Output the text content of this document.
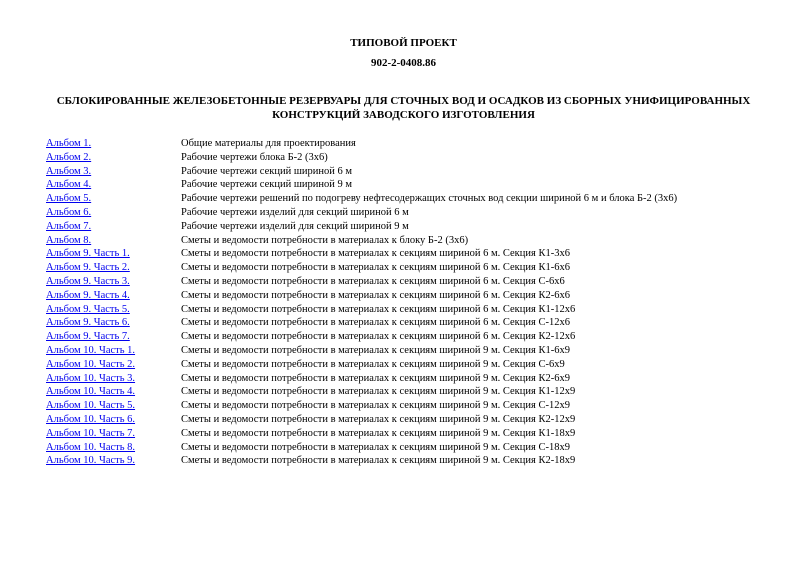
ТИПОВОЙ ПРОЕКТ
902-2-0408.86
СБЛОКИРОВАННЫЕ ЖЕЛЕЗОБЕТОННЫЕ РЕЗЕРВУАРЫ ДЛЯ СТОЧНЫХ ВОД И ОСАДКОВ ИЗ СБОРНЫХ УНИФИЦИРОВАННЫХ
КОНСТРУКЦИЙ ЗАВОДСКОГО ИЗГОТОВЛЕНИЯ
Альбом 1.	Общие материалы для проектирования
Альбом 2.	Рабочие чертежи блока Б-2 (3х6)
Альбом 3.	Рабочие чертежи секций шириной 6 м
Альбом 4.	Рабочие чертежи секций шириной 9 м
Альбом 5.	Рабочие чертежи решений по подогреву нефтесодержащих сточных вод секции шириной 6 м и блока Б-2 (3х6)
Альбом 6.	Рабочие чертежи изделий для секций шириной 6 м
Альбом 7.	Рабочие чертежи изделий для секций шириной 9 м
Альбом 8.	Сметы и ведомости потребности в материалах к блоку Б-2 (3х6)
Альбом 9. Часть 1.	Сметы и ведомости потребности в материалах к секциям шириной 6 м. Секция К1-3х6
Альбом 9. Часть 2.	Сметы и ведомости потребности в материалах к секциям шириной 6 м. Секция К1-6х6
Альбом 9. Часть 3.	Сметы и ведомости потребности в материалах к секциям шириной 6 м. Секция С-6х6
Альбом 9. Часть 4.	Сметы и ведомости потребности в материалах к секциям шириной 6 м. Секция К2-6х6
Альбом 9. Часть 5.	Сметы и ведомости потребности в материалах к секциям шириной 6 м. Секция К1-12х6
Альбом 9. Часть 6.	Сметы и ведомости потребности в материалах к секциям шириной 6 м. Секция С-12х6
Альбом 9. Часть 7.	Сметы и ведомости потребности в материалах к секциям шириной 6 м. Секция К2-12х6
Альбом 10. Часть 1.	Сметы и ведомости потребности в материалах к секциям шириной 9 м. Секция К1-6х9
Альбом 10. Часть 2.	Сметы и ведомости потребности в материалах к секциям шириной 9 м. Секция С-6х9
Альбом 10. Часть 3.	Сметы и ведомости потребности в материалах к секциям шириной 9 м. Секция К2-6х9
Альбом 10. Часть 4.	Сметы и ведомости потребности в материалах к секциям шириной 9 м. Секция К1-12х9
Альбом 10. Часть 5.	Сметы и ведомости потребности в материалах к секциям шириной 9 м. Секция С-12х9
Альбом 10. Часть 6.	Сметы и ведомости потребности в материалах к секциям шириной 9 м. Секция К2-12х9
Альбом 10. Часть 7.	Сметы и ведомости потребности в материалах к секциям шириной 9 м. Секция К1-18х9
Альбом 10. Часть 8.	Сметы и ведомости потребности в материалах к секциям шириной 9 м. Секция С-18х9
Альбом 10. Часть 9.	Сметы и ведомости потребности в материалах к секциям шириной 9 м. Секция К2-18х9
